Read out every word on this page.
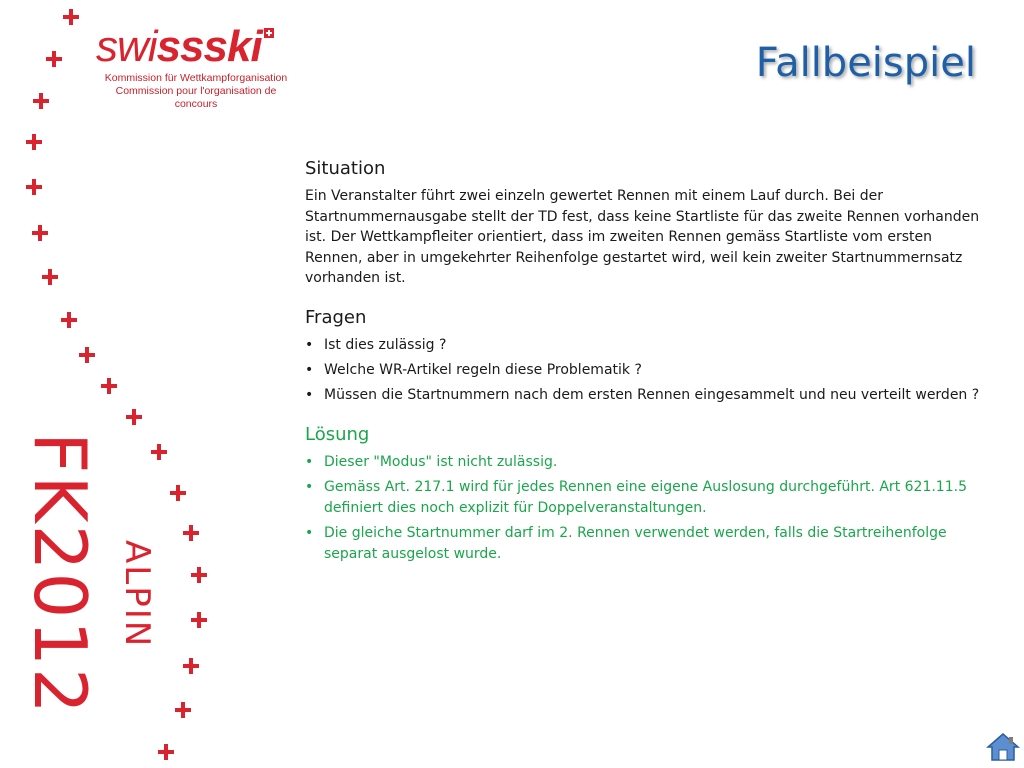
swissski
Kommission für Wettkampforganisation
Commission pour l'organisation de concours
Fallbeispiel
FK2012 ALPIN
Situation

Ein Veranstalter führt zwei einzeln gewertet Rennen mit einem Lauf durch. Bei der Startnummernausgabe stellt der TD fest, dass keine Startliste für das zweite Rennen vorhanden ist. Der Wettkampfleiter orientiert, dass im zweiten Rennen gemäss Startliste vom ersten Rennen, aber in umgekehrter Reihenfolge gestartet wird, weil kein zweiter Startnummernsatz vorhanden ist.

Fragen
• Ist dies zulässig ?
• Welche WR-Artikel regeln diese Problematik ?
• Müssen die Startnummern nach dem ersten Rennen eingesammelt und neu verteilt werden ?
Lösung
• Dieser "Modus" ist nicht zulässig.
• Gemäss Art. 217.1 wird für jedes Rennen eine eigene Auslosung durchgeführt. Art 621.11.5 definiert dies noch explizit für Doppelveranstaltungen.
• Die gleiche Startnummer darf im 2. Rennen verwendet werden, falls die Startreihenfolge separat ausgelost wurde.
